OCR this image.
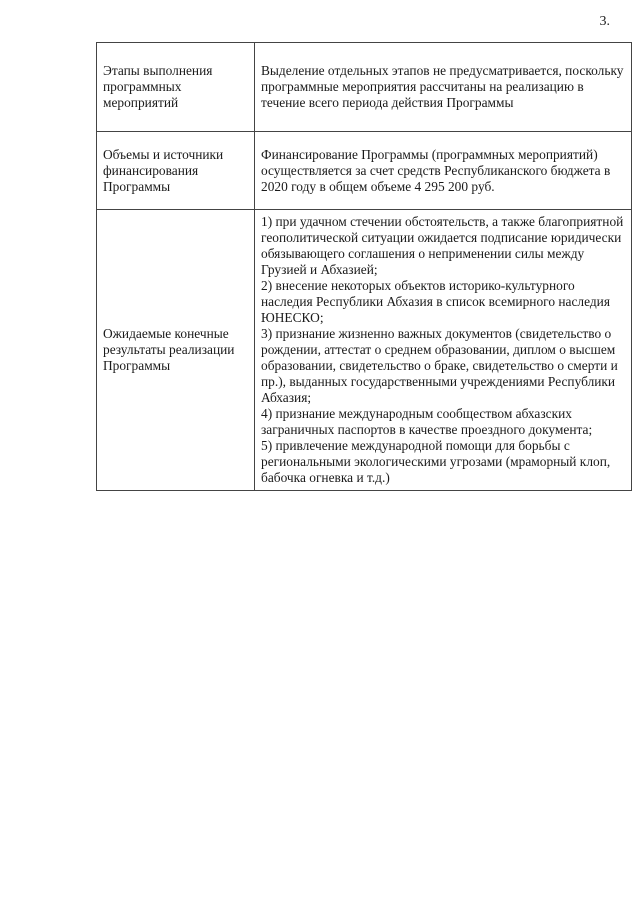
3.
Этапы выполнения программных мероприятий	Выделение отдельных этапов не предусматривается, поскольку программные мероприятия рассчитаны на реализацию в течение всего периода действия Программы
Объемы и источники финансирования Программы	Финансирование Программы (программных мероприятий) осуществляется за счет средств Республиканского бюджета в 2020 году в общем объеме 4 295 200 руб.
Ожидаемые конечные результаты реализации Программы	1) при удачном стечении обстоятельств, а также благоприятной геополитической ситуации ожидается подписание юридически обязывающего соглашения о неприменении силы между Грузией и Абхазией;
2) внесение некоторых объектов историко-культурного наследия Республики Абхазия в список всемирного наследия ЮНЕСКО;
3) признание жизненно важных документов (свидетельство о рождении, аттестат о среднем образовании, диплом о высшем образовании, свидетельство о браке, свидетельство о смерти и пр.), выданных государственными учреждениями Республики Абхазия;
4) признание международным сообществом абхазских заграничных паспортов в качестве проездного документа;
5) привлечение международной помощи для борьбы с региональными экологическими угрозами (мраморный клоп, бабочка огневка и т.д.)
